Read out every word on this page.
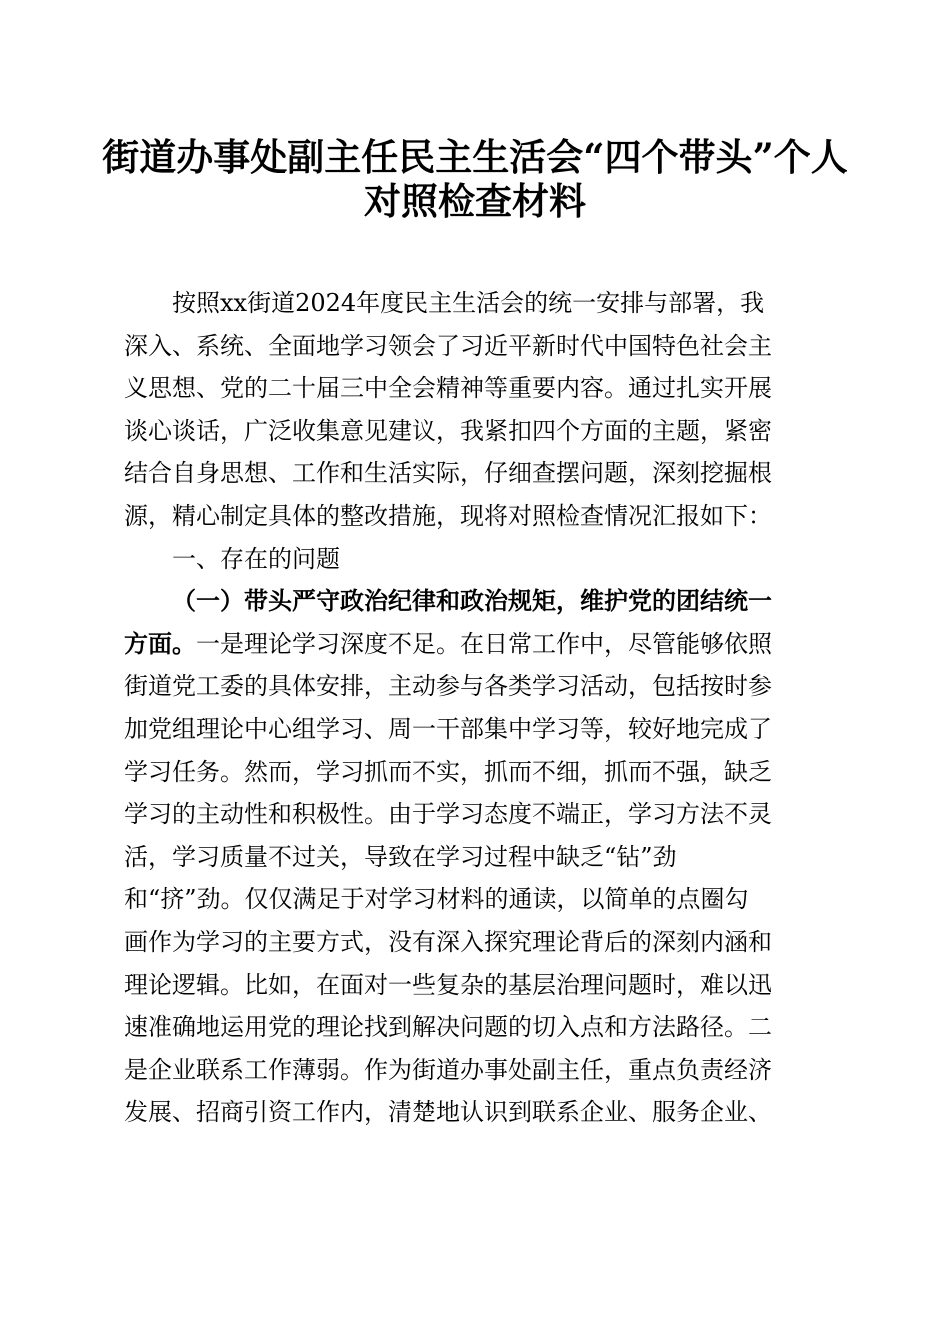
街道办事处副主任民主生活会“四个带头”个人对照检查材料
按照xx街道2024年度民主生活会的统一安排与部署，我
深入、系统、全面地学习领会了习近平新时代中国特色社会主
义思想、党的二十届三中全会精神等重要内容。通过扎实开展
谈心谈话，广泛收集意见建议，我紧扣四个方面的主题，紧密
结合自身思想、工作和生活实际，仔细查摆问题，深刻挖掘根
源，精心制定具体的整改措施，现将对照检查情况汇报如下：
一、存在的问题
（一）带头严守政治纪律和政治规矩，维护党的团结统一
方面。一是理论学习深度不足。在日常工作中，尽管能够依照
街道党工委的具体安排，主动参与各类学习活动，包括按时参
加党组理论中心组学习、周一干部集中学习等，较好地完成了
学习任务。然而，学习抓而不实，抓而不细，抓而不强，缺乏
学习的主动性和积极性。由于学习态度不端正，学习方法不灵
活，学习质量不过关，导致在学习过程中缺乏“钻”劲
和“挤”劲。仅仅满足于对学习材料的通读，以简单的点圈勾
画作为学习的主要方式，没有深入探究理论背后的深刻内涵和
理论逻辑。比如，在面对一些复杂的基层治理问题时，难以迅
速准确地运用党的理论找到解决问题的切入点和方法路径。二
是企业联系工作薄弱。作为街道办事处副主任，重点负责经济
发展、招商引资工作内，清楚地认识到联系企业、服务企业、
